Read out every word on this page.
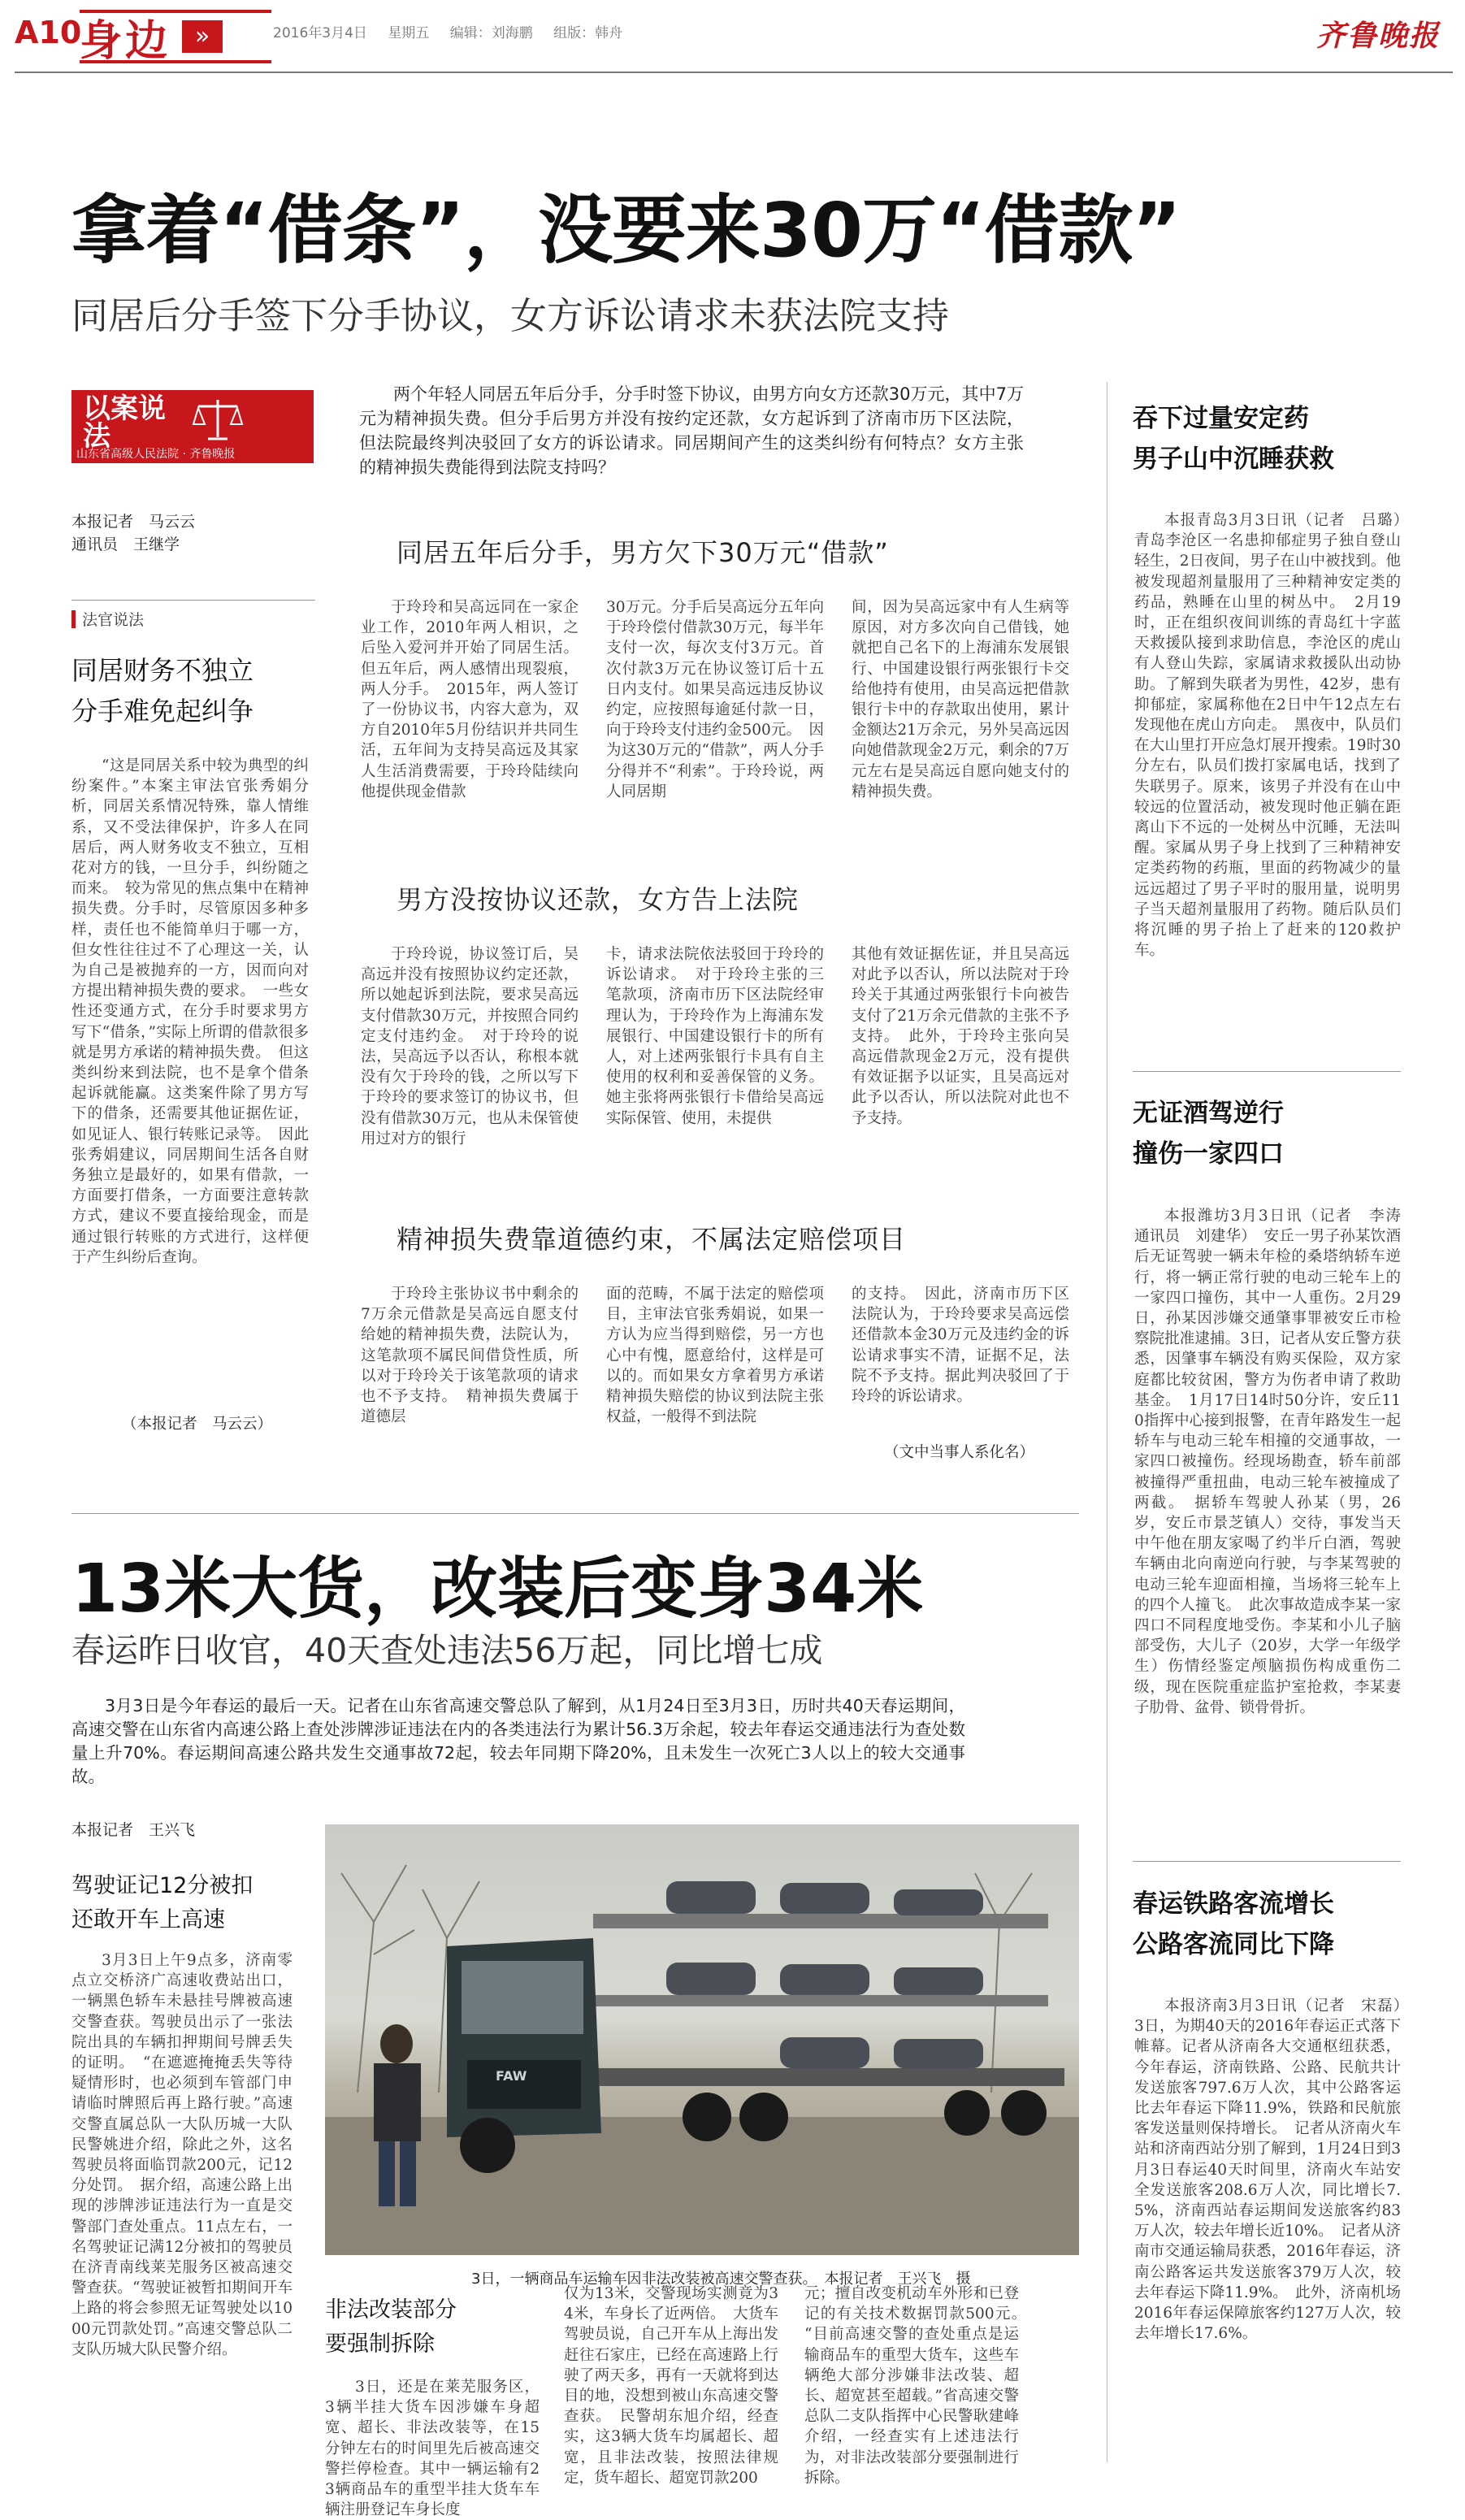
A10
身边 »	2016年3月4日 星期五 编辑：刘海鹏 组版：韩舟	齐鲁晚报
拿着“借条”，没要来30万“借款”
同居后分手签下分手协议，女方诉讼请求未获法院支持
以案说法
山东省高级人民法院 · 齐鲁晚报
两个年轻人同居五年后分手，分手时签下协议，由男方向女方还款30万元，其中7万元为精神损失费。但分手后男方并没有按约定还款，女方起诉到了济南市历下区法院，但法院最终判决驳回了女方的诉讼请求。同居期间产生的这类纠纷有何特点？女方主张的精神损失费能得到法院支持吗？
本报记者　马云云
通讯员　王继学
法官说法
同居财务不独立
分手难免起纠争
“这是同居关系中较为典型的纠纷案件。”本案主审法官张秀娟分析，同居关系情况特殊，靠人情维系，又不受法律保护，许多人在同居后，两人财务收支不独立，互相花对方的钱，一旦分手，纠纷随之而来。　较为常见的焦点集中在精神损失费。分手时，尽管原因多种多样，责任也不能简单归于哪一方，但女性往往过不了心理这一关，认为自己是被抛弃的一方，因而向对方提出精神损失费的要求。　一些女性还变通方式，在分手时要求男方写下“借条，”实际上所谓的借款很多就是男方承诺的精神损失费。　但这类纠纷来到法院，也不是拿个借条起诉就能赢。这类案件除了男方写下的借条，还需要其他证据佐证，如见证人、银行转账记录等。　因此张秀娟建议，同居期间生活各自财务独立是最好的，如果有借款，一方面要打借条，一方面要注意转款方式，建议不要直接给现金，而是通过银行转账的方式进行，这样便于产生纠纷后查询。
（本报记者　马云云）
同居五年后分手，男方欠下30万元“借款”
于玲玲和吴高远同在一家企业工作，2010年两人相识，之后坠入爱河并开始了同居生活。但五年后，两人感情出现裂痕，两人分手。　2015年，两人签订了一份协议书，内容大意为，双方自2010年5月份结识并共同生活，五年间为支持吴高远及其家人生活消费需要，于玲玲陆续向他提供现金借款
30万元。分手后吴高远分五年向于玲玲偿付借款30万元，每半年支付一次，每次支付3万元。首次付款3万元在协议签订后十五日内支付。如果吴高远违反协议约定，应按照每逾延付款一日，向于玲玲支付违约金500元。　因为这30万元的“借款”，两人分手分得并不“利索”。于玲玲说，两人同居期
间，因为吴高远家中有人生病等原因，对方多次向自己借钱，她就把自己名下的上海浦东发展银行、中国建设银行两张银行卡交给他持有使用，由吴高远把借款银行卡中的存款取出使用，累计金额达21万余元，另外吴高远因向她借款现金2万元，剩余的7万元左右是吴高远自愿向她支付的精神损失费。
男方没按协议还款，女方告上法院
于玲玲说，协议签订后，吴高远并没有按照协议约定还款，所以她起诉到法院，要求吴高远支付借款30万元，并按照合同约定支付违约金。　对于玲玲的说法，吴高远予以否认，称根本就没有欠于玲玲的钱，之所以写下于玲玲的要求签订的协议书，但没有借款30万元，也从未保管使用过对方的银行
卡，请求法院依法驳回于玲玲的诉讼请求。　对于玲玲主张的三笔款项，济南市历下区法院经审理认为，于玲玲作为上海浦东发展银行、中国建设银行卡的所有人，对上述两张银行卡具有自主使用的权利和妥善保管的义务。她主张将两张银行卡借给吴高远实际保管、使用，未提供
其他有效证据佐证，并且吴高远对此予以否认，所以法院对于玲玲关于其通过两张银行卡向被告支付了21万余元借款的主张不予支持。　此外，于玲玲主张向吴高远借款现金2万元，没有提供有效证据予以证实，且吴高远对此予以否认，所以法院对此也不予支持。
精神损失费靠道德约束，不属法定赔偿项目
于玲玲主张协议书中剩余的7万余元借款是吴高远自愿支付给她的精神损失费，法院认为，这笔款项不属民间借贷性质，所以对于玲玲关于该笔款项的请求也不予支持。　精神损失费属于道德层
面的范畴，不属于法定的赔偿项目，主审法官张秀娟说，如果一方认为应当得到赔偿，另一方也心中有愧，愿意给付，这样是可以的。而如果女方拿着男方承诺精神损失赔偿的协议到法院主张权益，一般得不到法院
的支持。　因此，济南市历下区法院认为，于玲玲要求吴高远偿还借款本金30万元及违约金的诉讼请求事实不清，证据不足，法院不予支持。据此判决驳回了于玲玲的诉讼请求。
（文中当事人系化名）
13米大货，改装后变身34米
春运昨日收官，40天查处违法56万起，同比增七成
3月3日是今年春运的最后一天。记者在山东省高速交警总队了解到，从1月24日至3月3日，历时共40天春运期间，高速交警在山东省内高速公路上查处涉牌涉证违法在内的各类违法行为累计56.3万余起，较去年春运交通违法行为查处数量上升70%。春运期间高速公路共发生交通事故72起，较去年同期下降20%，且未发生一次死亡3人以上的较大交通事故。
本报记者　王兴飞
驾驶证记12分被扣
还敢开车上高速
3月3日上午9点多，济南零点立交桥济广高速收费站出口，一辆黑色轿车未悬挂号牌被高速交警查获。驾驶员出示了一张法院出具的车辆扣押期间号牌丢失的证明。　“在遮遮掩掩丢失等待疑情形时，也必须到车管部门申请临时牌照后再上路行驶。”高速交警直属总队一大队历城一大队民警姚进介绍，除此之外，这名驾驶员将面临罚款200元，记12分处罚。　据介绍，高速公路上出现的涉牌涉证违法行为一直是交警部门查处重点。11点左右，一名驾驶证记满12分被扣的驾驶员在济青南线莱芜服务区被高速交警查获。“驾驶证被暂扣期间开车上路的将会参照无证驾驶处以1000元罚款处罚。”高速交警总队二支队历城大队民警介绍。
FAW
3日，一辆商品车运输车因非法改装被高速交警查获。　本报记者　王兴飞　摄
非法改装部分
要强制拆除
3日，还是在莱芜服务区，3辆半挂大货车因涉嫌车身超宽、超长、非法改装等，在15分钟左右的时间里先后被高速交警拦停检查。其中一辆运输有23辆商品车的重型半挂大货车车辆注册登记车身长度
仅为13米，交警现场实测竟为34米，车身长了近两倍。　大货车驾驶员说，自己开车从上海出发赶往石家庄，已经在高速路上行驶了两天多，再有一天就将到达目的地，没想到被山东高速交警查获。　民警胡东旭介绍，经查实，这3辆大货车均属超长、超宽，且非法改装，按照法律规定，货车超长、超宽罚款200
元；擅自改变机动车外形和已登记的有关技术数据罚款500元。　“目前高速交警的查处重点是运输商品车的重型大货车，这些车辆绝大部分涉嫌非法改装、超长、超宽甚至超载。”省高速交警总队二支队指挥中心民警耿建峰介绍，一经查实有上述违法行为，对非法改装部分要强制进行拆除。
吞下过量安定药
男子山中沉睡获救
本报青岛3月3日讯（记者　吕璐）　青岛李沧区一名患抑郁症男子独自登山轻生，2日夜间，男子在山中被找到。他被发现超剂量服用了三种精神安定类的药品，熟睡在山里的树丛中。　2月19时，正在组织夜间训练的青岛红十字蓝天救援队接到求助信息，李沧区的虎山有人登山失踪，家属请求救援队出动协助。了解到失联者为男性，42岁，患有抑郁症，家属称他在2日中午12点左右发现他在虎山方向走。　黑夜中，队员们在大山里打开应急灯展开搜索。19时30分左右，队员们拨打家属电话，找到了失联男子。原来，该男子并没有在山中较远的位置活动，被发现时他正躺在距离山下不远的一处树丛中沉睡，无法叫醒。家属从男子身上找到了三种精神安定类药物的药瓶，里面的药物减少的量远远超过了男子平时的服用量，说明男子当天超剂量服用了药物。随后队员们将沉睡的男子抬上了赶来的120救护车。
无证酒驾逆行
撞伤一家四口
本报潍坊3月3日讯（记者　李涛　通讯员　刘建华）　安丘一男子孙某饮酒后无证驾驶一辆未年检的桑塔纳轿车逆行，将一辆正常行驶的电动三轮车上的一家四口撞伤，其中一人重伤。2月29日，孙某因涉嫌交通肇事罪被安丘市检察院批准逮捕。3日，记者从安丘警方获悉，因肇事车辆没有购买保险，双方家庭都比较贫困，警方为伤者申请了救助基金。　1月17日14时50分许，安丘110指挥中心接到报警，在青年路发生一起轿车与电动三轮车相撞的交通事故，一家四口被撞伤。经现场勘查，轿车前部被撞得严重扭曲，电动三轮车被撞成了两截。　据轿车驾驶人孙某（男，26岁，安丘市景芝镇人）交待，事发当天中午他在朋友家喝了约半斤白酒，驾驶车辆由北向南逆向行驶，与李某驾驶的电动三轮车迎面相撞，当场将三轮车上的四个人撞飞。　此次事故造成李某一家四口不同程度地受伤。李某和小儿子脑部受伤，大儿子（20岁，大学一年级学生）伤情经鉴定颅脑损伤构成重伤二级，现在医院重症监护室抢救，李某妻子肋骨、盆骨、锁骨骨折。
春运铁路客流增长
公路客流同比下降
本报济南3月3日讯（记者　宋磊）　3日，为期40天的2016年春运正式落下帷幕。记者从济南各大交通枢纽获悉，今年春运，济南铁路、公路、民航共计发送旅客797.6万人次，其中公路客运比去年春运下降11.9%，铁路和民航旅客发送量则保持增长。　记者从济南火车站和济南西站分别了解到，1月24日到3月3日春运40天时间里，济南火车站安全发送旅客208.6万人次，同比增长7.5%，济南西站春运期间发送旅客约83万人次，较去年增长近10%。　记者从济南市交通运输局获悉，2016年春运，济南公路客运共发送旅客379万人次，较去年春运下降11.9%。　此外，济南机场2016年春运保障旅客约127万人次，较去年增长17.6%。
